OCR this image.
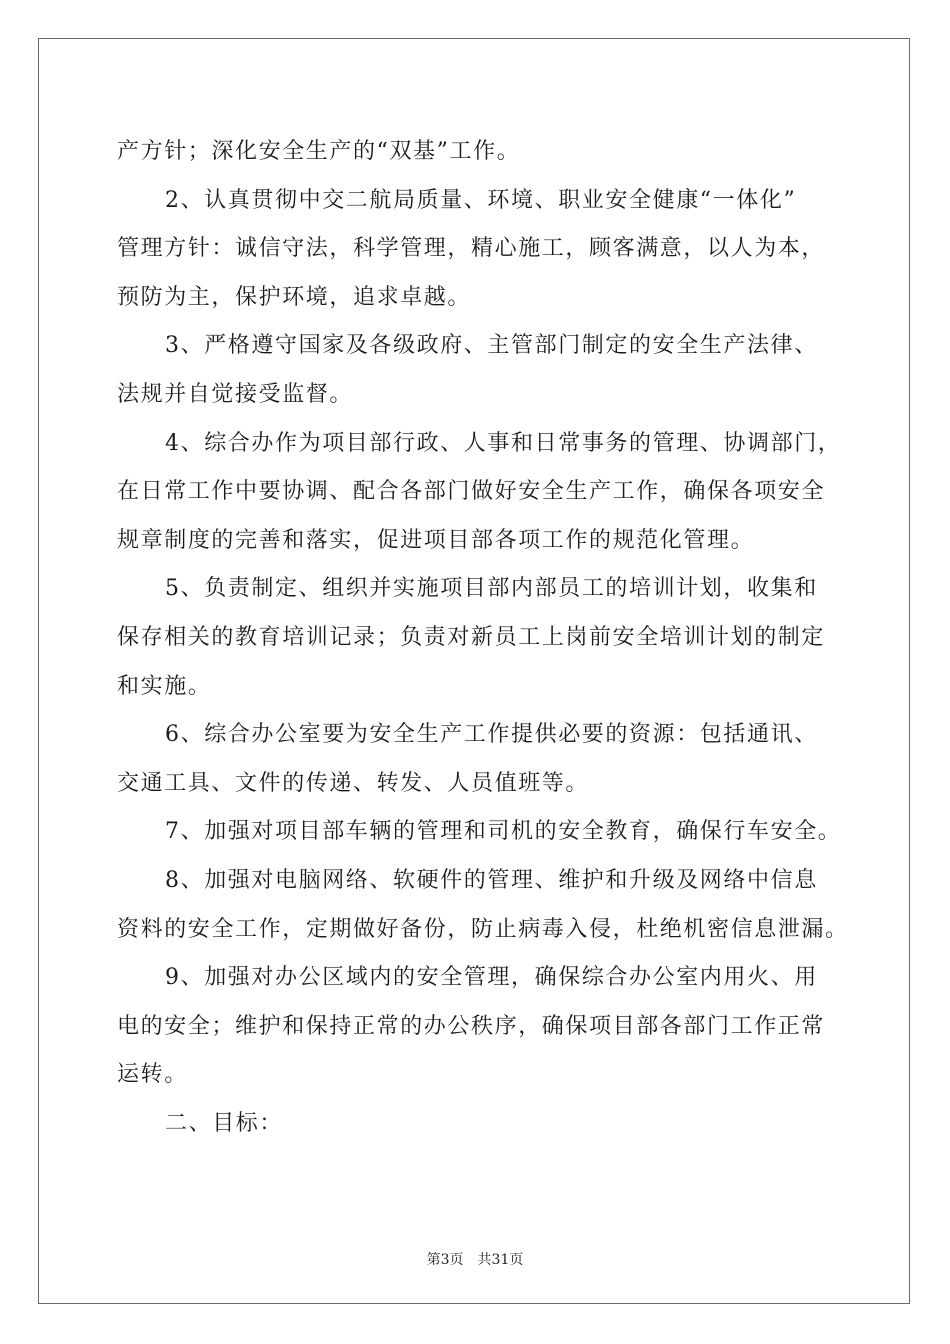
产方针；深化安全生产的“双基”工作。

2、认真贯彻中交二航局质量、环境、职业安全健康“一体化”

管理方针：诚信守法，科学管理，精心施工，顾客满意，以人为本，

预防为主，保护环境，追求卓越。

3、严格遵守国家及各级政府、主管部门制定的安全生产法律、

法规并自觉接受监督。

4、综合办作为项目部行政、人事和日常事务的管理、协调部门，

在日常工作中要协调、配合各部门做好安全生产工作，确保各项安全

规章制度的完善和落实，促进项目部各项工作的规范化管理。

5、负责制定、组织并实施项目部内部员工的培训计划，收集和

保存相关的教育培训记录；负责对新员工上岗前安全培训计划的制定

和实施。

6、综合办公室要为安全生产工作提供必要的资源：包括通讯、

交通工具、文件的传递、转发、人员值班等。

7、加强对项目部车辆的管理和司机的安全教育，确保行车安全。

8、加强对电脑网络、软硬件的管理、维护和升级及网络中信息

资料的安全工作，定期做好备份，防止病毒入侵，杜绝机密信息泄漏。

9、加强对办公区域内的安全管理，确保综合办公室内用火、用

电的安全；维护和保持正常的办公秩序，确保项目部各部门工作正常

运转。

二、目标：

第3页 共31页
